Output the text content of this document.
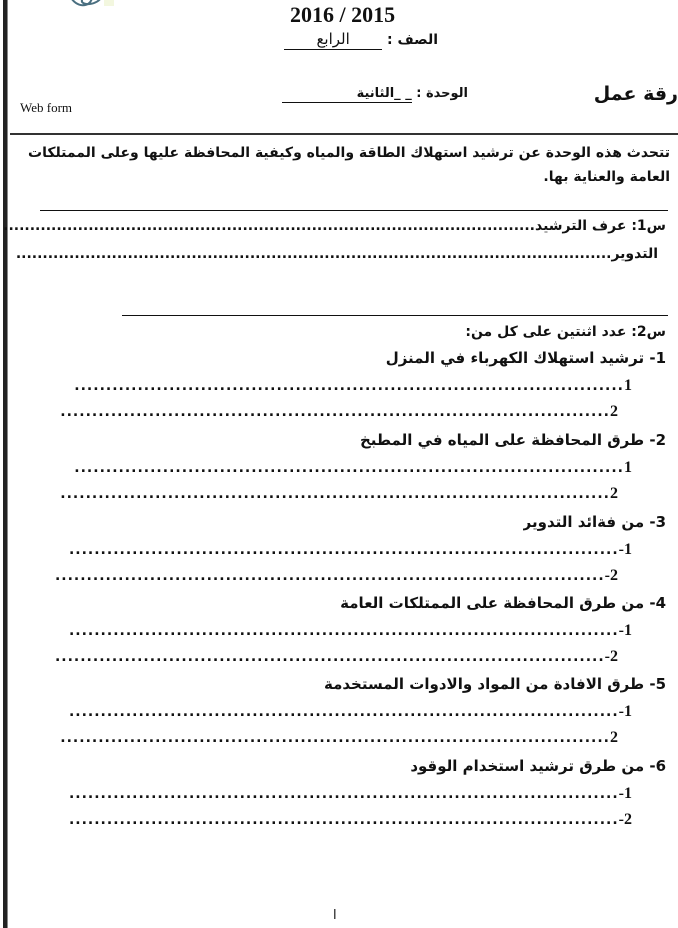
2016 / 2015
الصف : الرابع
رقة عمل
الوحدة : _ _الثانية
Web form
تتحدث هذه الوحدة عن ترشيد استهلاك الطاقة والمياه وكيفية المحافظة عليها وعلى الممتلكات العامة والعناية بها.
س1: عرف الترشيد....................................................................................................
التدوير................................................................................................................
س2: عدد اثنتين على كل من:
1- ترشيد استهلاك الكهرباء في المنزل
1.......................................................................................
2.......................................................................................
2- طرق المحافظة على المياه في المطبخ
1.......................................................................................
2.......................................................................................
3- من فةائد التدوير
1-.......................................................................................
2-.......................................................................................
4- من طرق المحافظة على الممتلكات العامة
1-.......................................................................................
2-.......................................................................................
5- طرق الافادة من المواد والادوات المستخدمة
1-.......................................................................................
2.......................................................................................
6- من طرق ترشيد استخدام الوقود
1-.......................................................................................
2-.......................................................................................
ا
